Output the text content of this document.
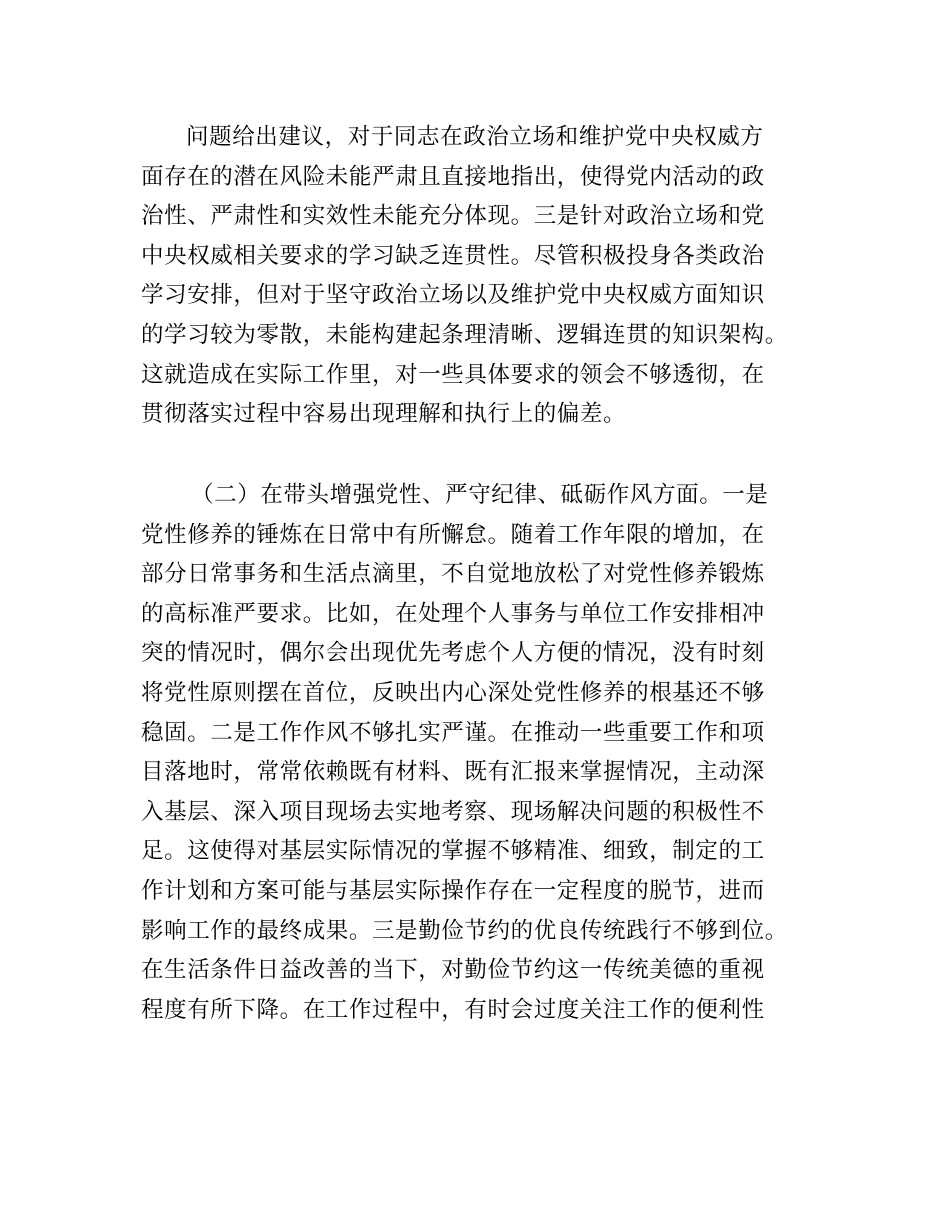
问题给出建议，对于同志在政治立场和维护党中央权威方
面存在的潜在风险未能严肃且直接地指出，使得党内活动的政
治性、严肃性和实效性未能充分体现。三是针对政治立场和党
中央权威相关要求的学习缺乏连贯性。尽管积极投身各类政治
学习安排，但对于坚守政治立场以及维护党中央权威方面知识
的学习较为零散，未能构建起条理清晰、逻辑连贯的知识架构。
这就造成在实际工作里，对一些具体要求的领会不够透彻，在
贯彻落实过程中容易出现理解和执行上的偏差。
（二）在带头增强党性、严守纪律、砥砺作风方面。一是
党性修养的锤炼在日常中有所懈怠。随着工作年限的增加，在
部分日常事务和生活点滴里，不自觉地放松了对党性修养锻炼
的高标准严要求。比如，在处理个人事务与单位工作安排相冲
突的情况时，偶尔会出现优先考虑个人方便的情况，没有时刻
将党性原则摆在首位，反映出内心深处党性修养的根基还不够
稳固。二是工作作风不够扎实严谨。在推动一些重要工作和项
目落地时，常常依赖既有材料、既有汇报来掌握情况，主动深
入基层、深入项目现场去实地考察、现场解决问题的积极性不
足。这使得对基层实际情况的掌握不够精准、细致，制定的工
作计划和方案可能与基层实际操作存在一定程度的脱节，进而
影响工作的最终成果。三是勤俭节约的优良传统践行不够到位。
在生活条件日益改善的当下，对勤俭节约这一传统美德的重视
程度有所下降。在工作过程中，有时会过度关注工作的便利性
